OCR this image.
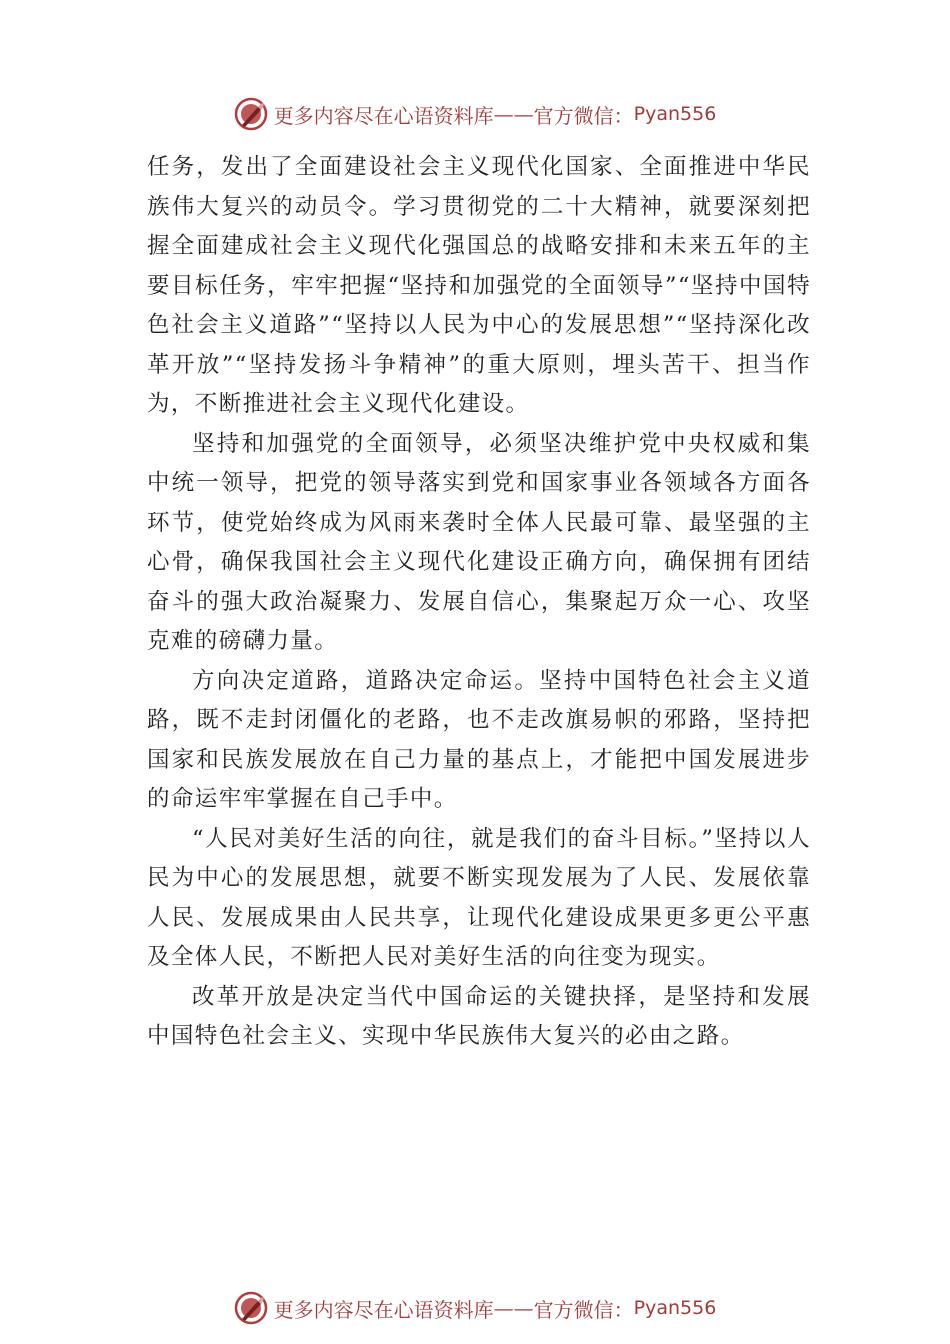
更多内容尽在心语资料库 —— 官方微信： Pyan556

任务，发出了全面建设社会主义现代化国家、全面推进中华民族伟大复兴的动员令。学习贯彻党的二十大精神，就要深刻把握全面建成社会主义现代化强国总的战略安排和未来五年的主要目标任务，牢牢把握“坚持和加强党的全面领导”“坚持中国特色社会主义道路”“坚持以人民为中心的发展思想”“坚持深化改革开放”“坚持发扬斗争精神”的重大原则，埋头苦干、担当作为，不断推进社会主义现代化建设。

坚持和加强党的全面领导，必须坚决维护党中央权威和集中统一领导，把党的领导落实到党和国家事业各领域各方面各环节，使党始终成为风雨来袭时全体人民最可靠、最坚强的主心骨，确保我国社会主义现代化建设正确方向，确保拥有团结奋斗的强大政治凝聚力、发展自信心，集聚起万众一心、攻坚克难的磅礴力量。

方向决定道路，道路决定命运。坚持中国特色社会主义道路，既不走封闭僵化的老路，也不走改旗易帜的邪路，坚持把国家和民族发展放在自己力量的基点上，才能把中国发展进步的命运牢牢掌握在自己手中。

“人民对美好生活的向往，就是我们的奋斗目标。”坚持以人民为中心的发展思想，就要不断实现发展为了人民、发展依靠人民、发展成果由人民共享，让现代化建设成果更多更公平惠及全体人民，不断把人民对美好生活的向往变为现实。

改革开放是决定当代中国命运的关键抉择，是坚持和发展中国特色社会主义、实现中华民族伟大复兴的必由之路。

更多内容尽在心语资料库 —— 官方微信： Pyan556
